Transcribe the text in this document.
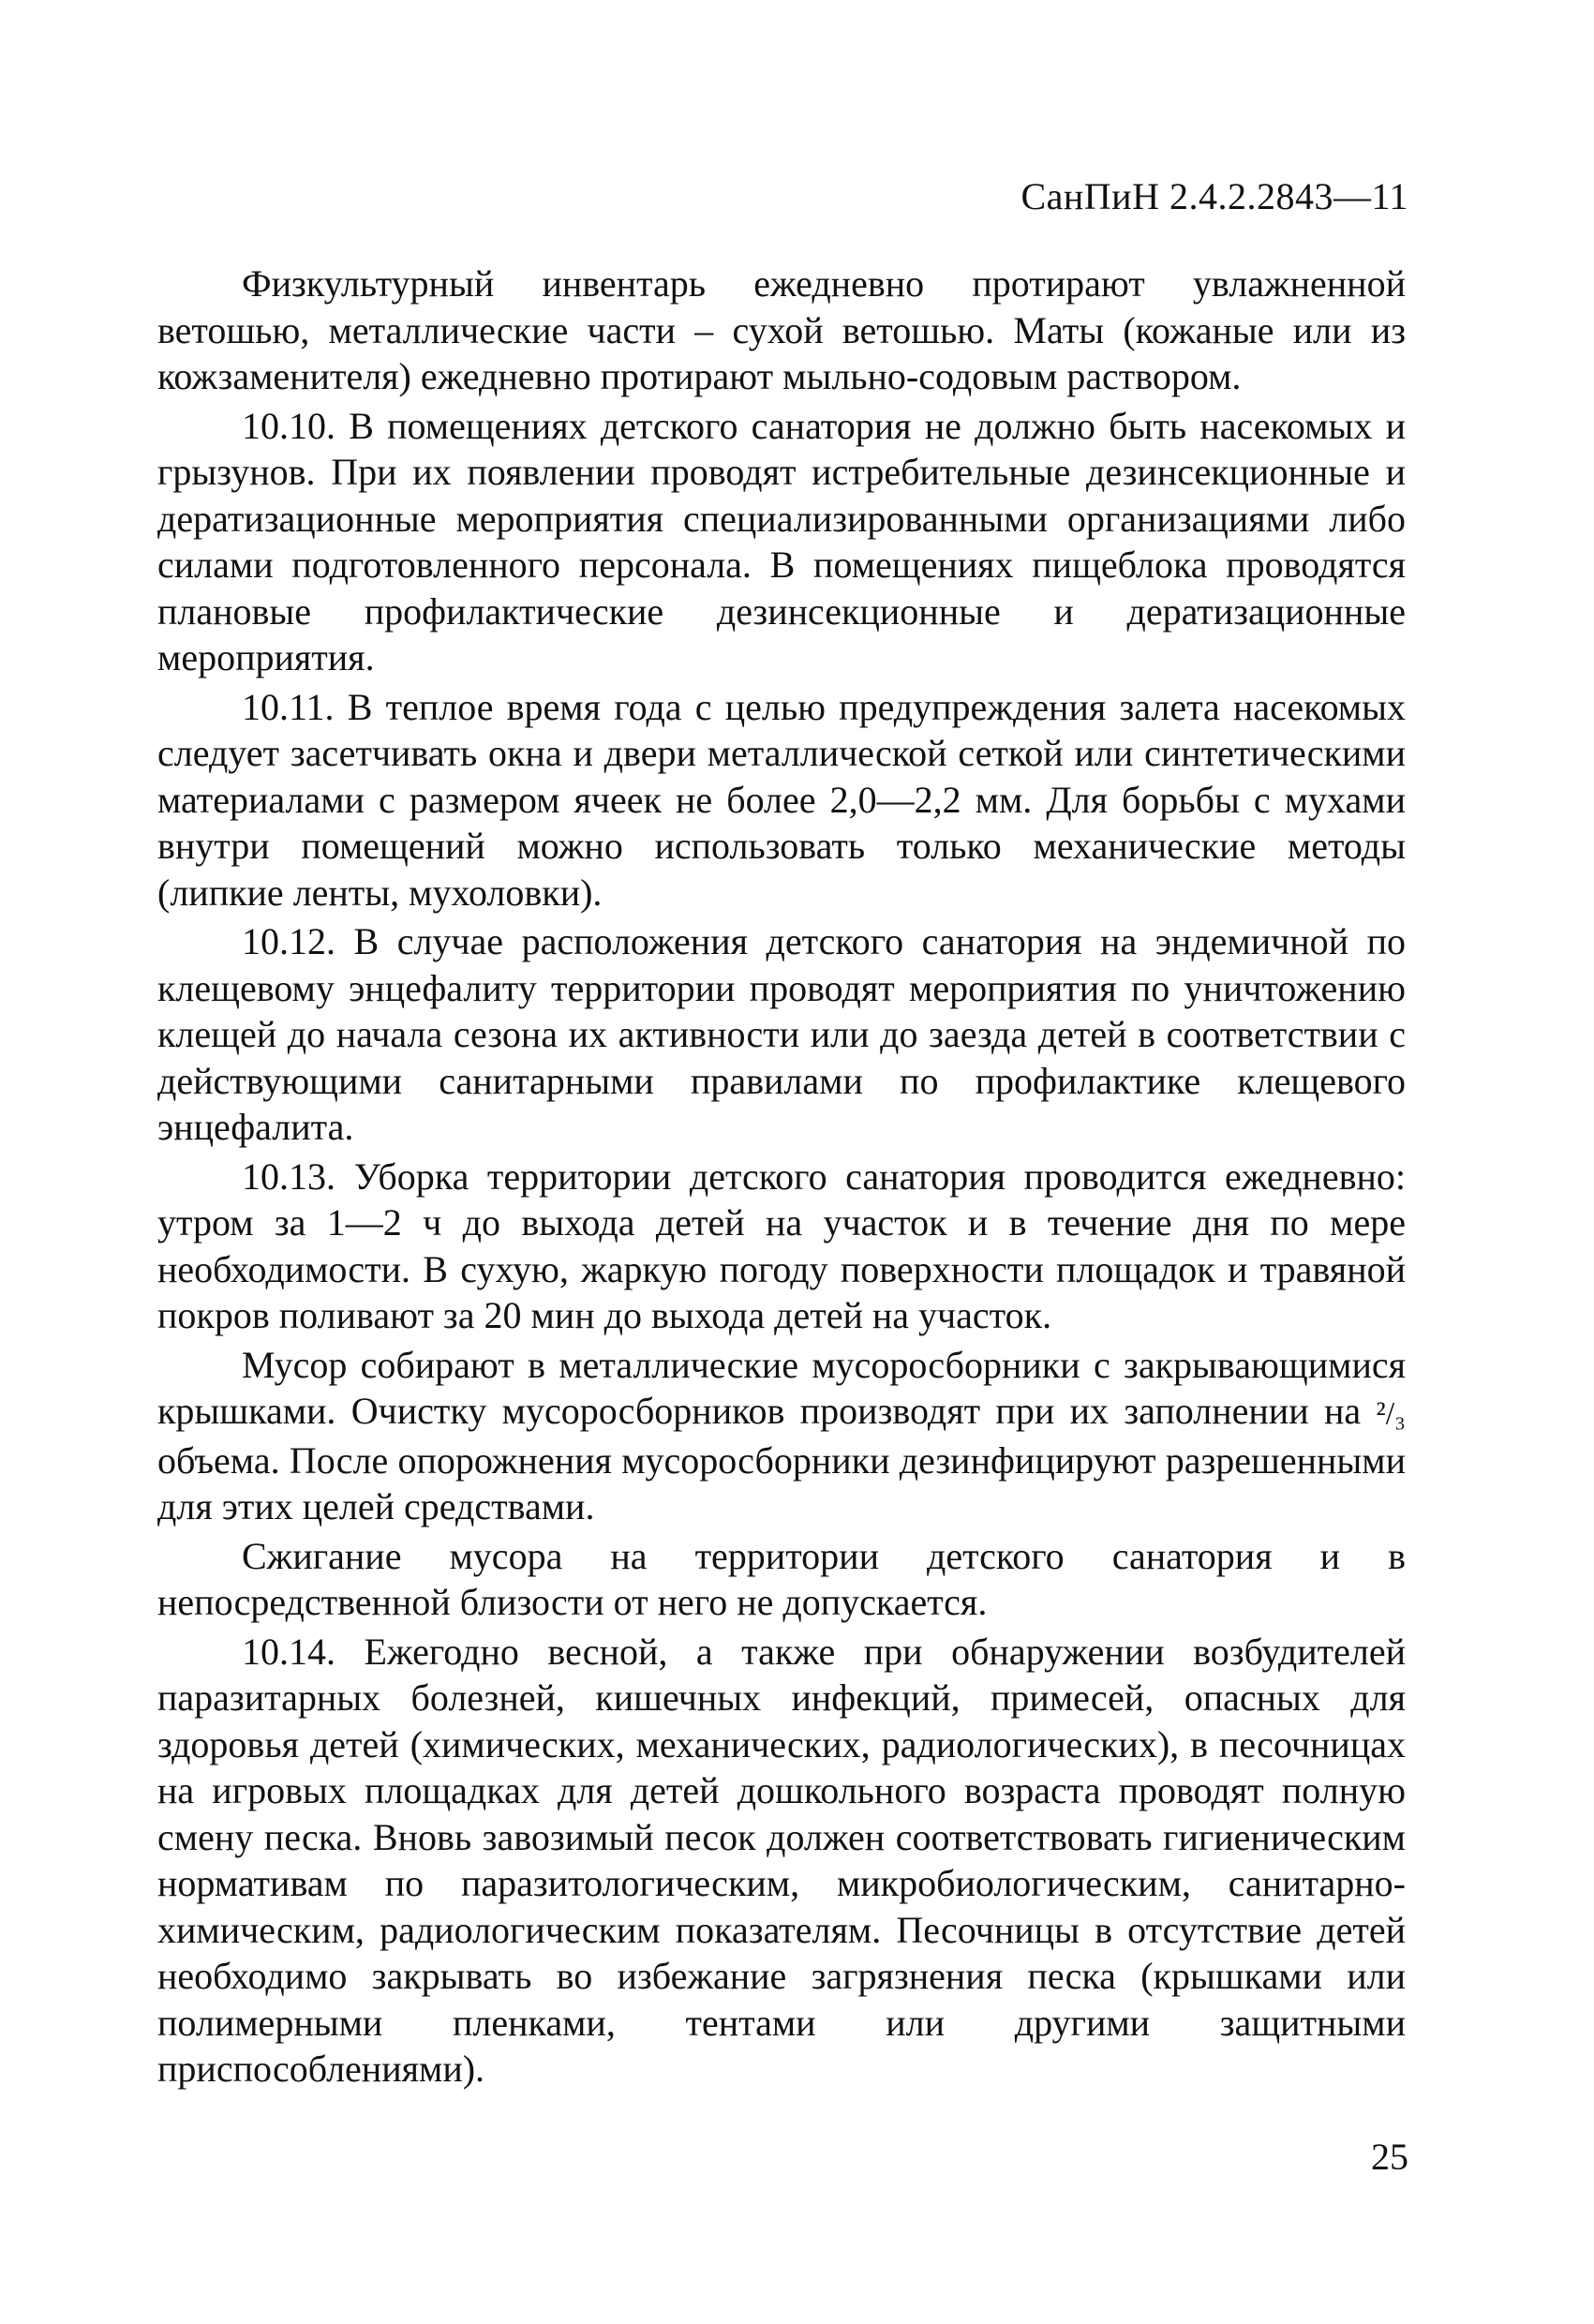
СанПиН 2.4.2.2843—11

Физкультурный инвентарь ежедневно протирают увлажненной ветошью, металлические части – сухой ветошью. Маты (кожаные или из кожзаменителя) ежедневно протирают мыльно-содовым раствором.

10.10. В помещениях детского санатория не должно быть насекомых и грызунов. При их появлении проводят истребительные дезинсекционные и дератизационные мероприятия специализированными организациями либо силами подготовленного персонала. В помещениях пищеблока проводятся плановые профилактические дезинсекционные и дератизационные мероприятия.

10.11. В теплое время года с целью предупреждения залета насекомых следует засетчивать окна и двери металлической сеткой или синтетическими материалами с размером ячеек не более 2,0—2,2 мм. Для борьбы с мухами внутри помещений можно использовать только механические методы (липкие ленты, мухоловки).

10.12. В случае расположения детского санатория на эндемичной по клещевому энцефалиту территории проводят мероприятия по уничтожению клещей до начала сезона их активности или до заезда детей в соответствии с действующими санитарными правилами по профилактике клещевого энцефалита.

10.13. Уборка территории детского санатория проводится ежедневно: утром за 1—2 ч до выхода детей на участок и в течение дня по мере необходимости. В сухую, жаркую погоду поверхности площадок и травяной покров поливают за 20 мин до выхода детей на участок.

Мусор собирают в металлические мусоросборники с закрывающимися крышками. Очистку мусоросборников производят при их заполнении на ²/₃ объема. После опорожнения мусоросборники дезинфицируют разрешенными для этих целей средствами.

Сжигание мусора на территории детского санатория и в непосредственной близости от него не допускается.

10.14. Ежегодно весной, а также при обнаружении возбудителей паразитарных болезней, кишечных инфекций, примесей, опасных для здоровья детей (химических, механических, радиологических), в песочницах на игровых площадках для детей дошкольного возраста проводят полную смену песка. Вновь завозимый песок должен соответствовать гигиеническим нормативам по паразитологическим, микробиологическим, санитарно-химическим, радиологическим показателям. Песочницы в отсутствие детей необходимо закрывать во избежание загрязнения песка (крышками или полимерными пленками, тентами или другими защитными приспособлениями).

25
